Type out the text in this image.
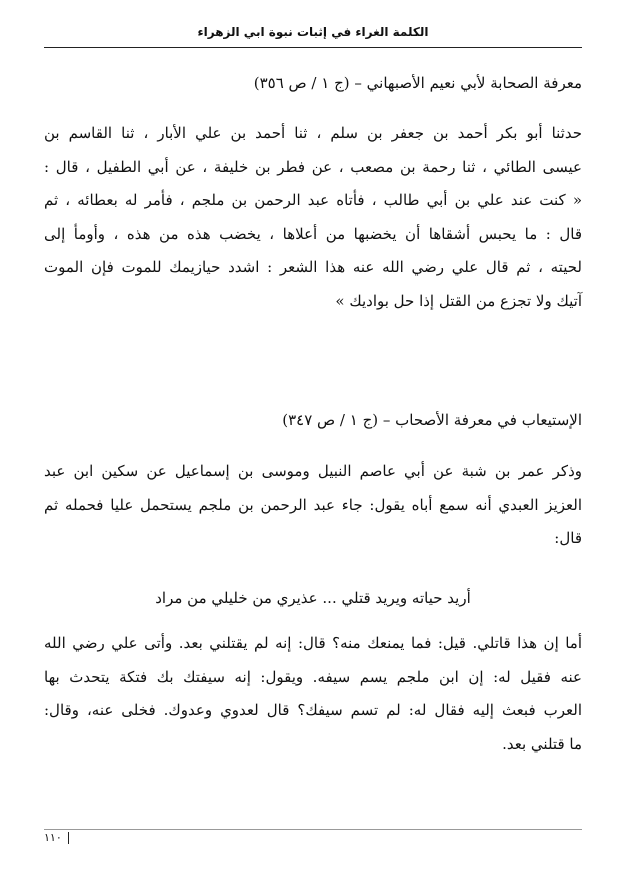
الكلمة الغراء في إثبات نبوة ابي الزهراء
معرفة الصحابة لأبي نعيم الأصبهاني – (ج ١ / ص ٣٥٦)
حدثنا أبو بكر أحمد بن جعفر بن سلم ، ثنا أحمد بن علي الأبار ، ثنا القاسم بن
عيسى الطائي ، ثنا رحمة بن مصعب ، عن فطر بن خليفة ، عن أبي الطفيل ، قال :
« كنت عند علي بن أبي طالب ، فأتاه عبد الرحمن بن ملجم ، فأمر له بعطائه ، ثم
قال : ما يحبس أشقاها أن يخضبها من أعلاها ، يخضب هذه من هذه ، وأومأ إلى
لحيته ، ثم قال علي رضي الله عنه هذا الشعر : اشدد حيازيمك للموت فإن الموت
آتيك ولا تجزع من القتل إذا حل بواديك »
الإستيعاب في معرفة الأصحاب – (ج ١ / ص ٣٤٧)
وذكر عمر بن شبة عن أبي عاصم النبيل وموسى بن إسماعيل عن سكين ابن عبد
العزيز العبدي أنه سمع أباه يقول: جاء عبد الرحمن بن ملجم يستحمل عليا فحمله ثم
قال:
أريد حياته ويريد قتلي ... عذيري من خليلي من مراد
أما إن هذا قاتلي. قيل: فما يمنعك منه؟ قال: إنه لم يقتلني بعد. وأتى علي رضي الله
عنه فقيل له: إن ابن ملجم يسم سيفه. ويقول: إنه سيفتك بك فتكة يتحدث بها
العرب فبعث إليه فقال له: لم تسم سيفك؟ قال لعدوي وعدوك. فخلى عنه، وقال:
ما قتلني بعد.
١١٠
